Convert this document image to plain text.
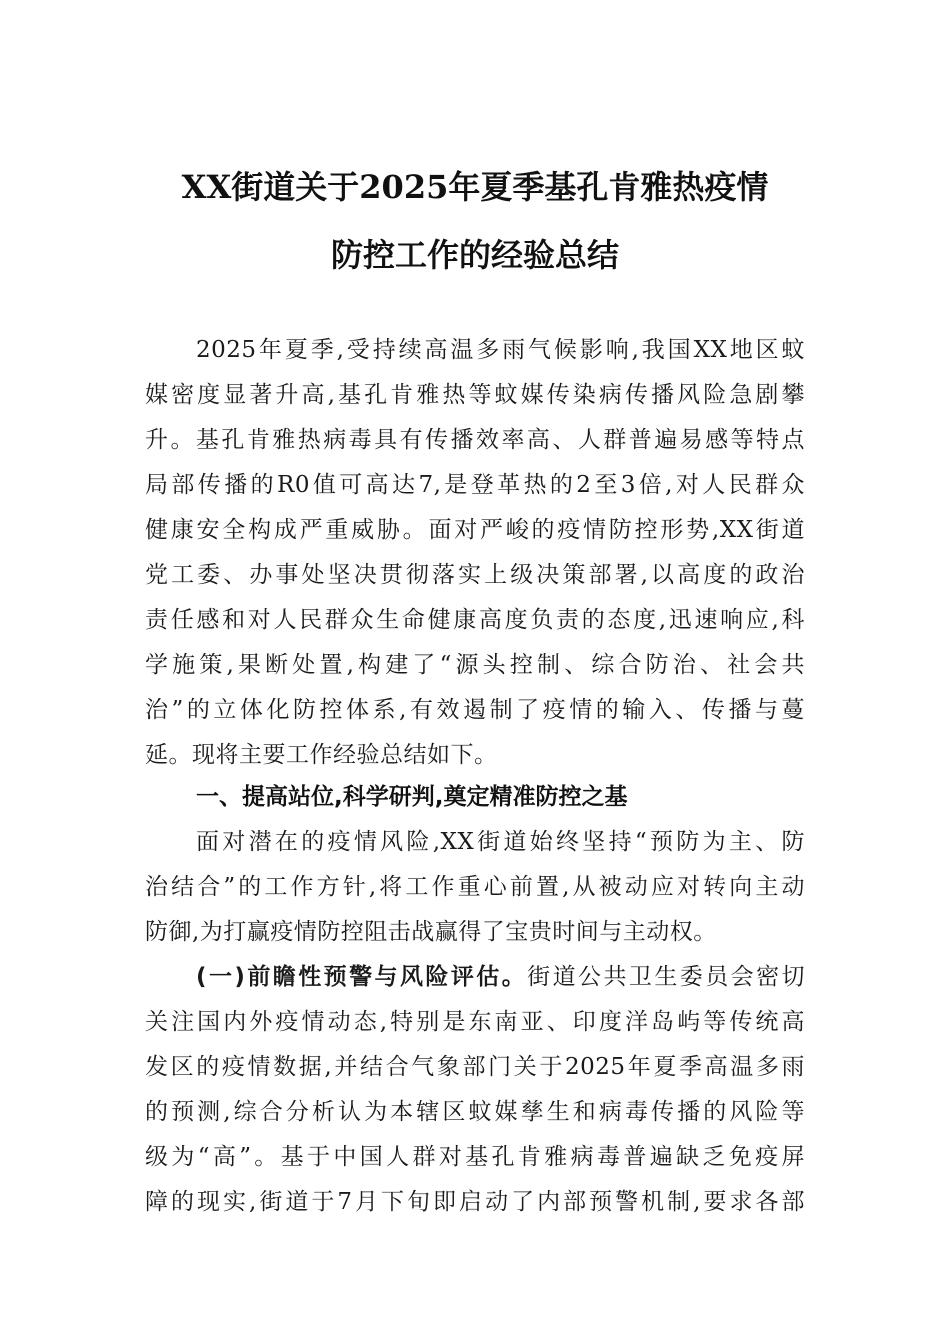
XX街道关于2025年夏季基孔肯雅热疫情
防控工作的经验总结
2025年夏季,受持续高温多雨气候影响,我国XX地区蚊
媒密度显著升高,基孔肯雅热等蚊媒传染病传播风险急剧攀
升。基孔肯雅热病毒具有传播效率高、人群普遍易感等特点
局部传播的R0值可高达7,是登革热的2至3倍,对人民群众
健康安全构成严重威胁。面对严峻的疫情防控形势,XX街道
党工委、办事处坚决贯彻落实上级决策部署,以高度的政治
责任感和对人民群众生命健康高度负责的态度,迅速响应,科
学施策,果断处置,构建了“源头控制、综合防治、社会共
治”的立体化防控体系,有效遏制了疫情的输入、传播与蔓
延。现将主要工作经验总结如下。
一、提高站位,科学研判,奠定精准防控之基
面对潜在的疫情风险,XX街道始终坚持“预防为主、防
治结合”的工作方针,将工作重心前置,从被动应对转向主动
防御,为打赢疫情防控阻击战赢得了宝贵时间与主动权。
(一)前瞻性预警与风险评估。街道公共卫生委员会密切
关注国内外疫情动态,特别是东南亚、印度洋岛屿等传统高
发区的疫情数据,并结合气象部门关于2025年夏季高温多雨
的预测,综合分析认为本辖区蚊媒孳生和病毒传播的风险等
级为“高”。基于中国人群对基孔肯雅病毒普遍缺乏免疫屏
障的现实,街道于7月下旬即启动了内部预警机制,要求各部
